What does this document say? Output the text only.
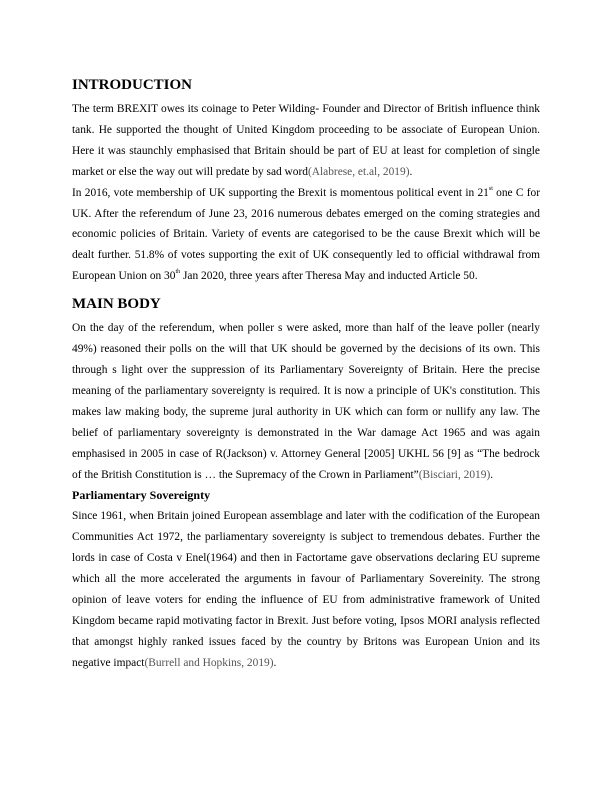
INTRODUCTION

The term BREXIT owes its coinage to Peter Wilding- Founder and Director of British influence think tank. He supported the thought of United Kingdom proceeding to be associate of European Union. Here it was staunchly emphasised that Britain should be part of EU at least for completion of single market or else the way out will predate by sad word(Alabrese, et.al, 2019).

In 2016, vote membership of UK supporting the Brexit is momentous political event in 21st one C for UK. After the referendum of June 23, 2016 numerous debates emerged on the coming strategies and economic policies of Britain. Variety of events are categorised to be the cause Brexit which will be dealt further. 51.8% of votes supporting the exit of UK consequently led to official withdrawal from European Union on 30th Jan 2020, three years after Theresa May and inducted Article 50.

MAIN BODY

On the day of the referendum, when poller s were asked, more than half of the leave poller (nearly 49%) reasoned their polls on the will that UK should be governed by the decisions of its own. This through s light over the suppression of its Parliamentary Sovereignty of Britain. Here the precise meaning of the parliamentary sovereignty is required. It is now a principle of UK's constitution. This makes law making body, the supreme jural authority in UK which can form or nullify any law. The belief of parliamentary sovereignty is demonstrated in the War damage Act 1965 and was again emphasised in 2005 in case of R(Jackson) v. Attorney General [2005] UKHL 56 [9] as “The bedrock of the British Constitution is … the Supremacy of the Crown in Parliament”(Bisciari, 2019).

Parliamentary Sovereignty

Since 1961, when Britain joined European assemblage and later with the codification of the European Communities Act 1972, the parliamentary sovereignty is subject to tremendous debates. Further the lords in case of Costa v Enel(1964) and then in Factortame gave observations declaring EU supreme which all the more accelerated the arguments in favour of Parliamentary Sovereinity. The strong opinion of leave voters for ending the influence of EU from administrative framework of United Kingdom became rapid motivating factor in Brexit. Just before voting, Ipsos MORI analysis reflected that amongst highly ranked issues faced by the country by Britons was European Union and its negative impact(Burrell and Hopkins, 2019).
